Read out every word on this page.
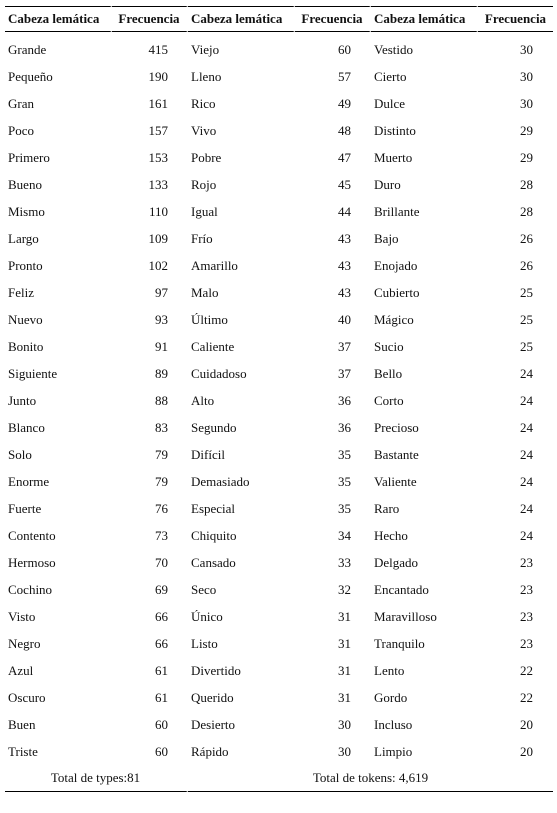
Cabeza lemática	Frecuencia	Cabeza lemática	Frecuencia	Cabeza lemática	Frecuencia
Grande	415	Viejo	60	Vestido	30
Pequeño	190	Lleno	57	Cierto	30
Gran	161	Rico	49	Dulce	30
Poco	157	Vivo	48	Distinto	29
Primero	153	Pobre	47	Muerto	29
Bueno	133	Rojo	45	Duro	28
Mismo	110	Igual	44	Brillante	28
Largo	109	Frío	43	Bajo	26
Pronto	102	Amarillo	43	Enojado	26
Feliz	97	Malo	43	Cubierto	25
Nuevo	93	Último	40	Mágico	25
Bonito	91	Caliente	37	Sucio	25
Siguiente	89	Cuidadoso	37	Bello	24
Junto	88	Alto	36	Corto	24
Blanco	83	Segundo	36	Precioso	24
Solo	79	Difícil	35	Bastante	24
Enorme	79	Demasiado	35	Valiente	24
Fuerte	76	Especial	35	Raro	24
Contento	73	Chiquito	34	Hecho	24
Hermoso	70	Cansado	33	Delgado	23
Cochino	69	Seco	32	Encantado	23
Visto	66	Único	31	Maravilloso	23
Negro	66	Listo	31	Tranquilo	23
Azul	61	Divertido	31	Lento	22
Oscuro	61	Querido	31	Gordo	22
Buen	60	Desierto	30	Incluso	20
Triste	60	Rápido	30	Limpio	20
Total de types:81		Total de tokens: 4,619			
